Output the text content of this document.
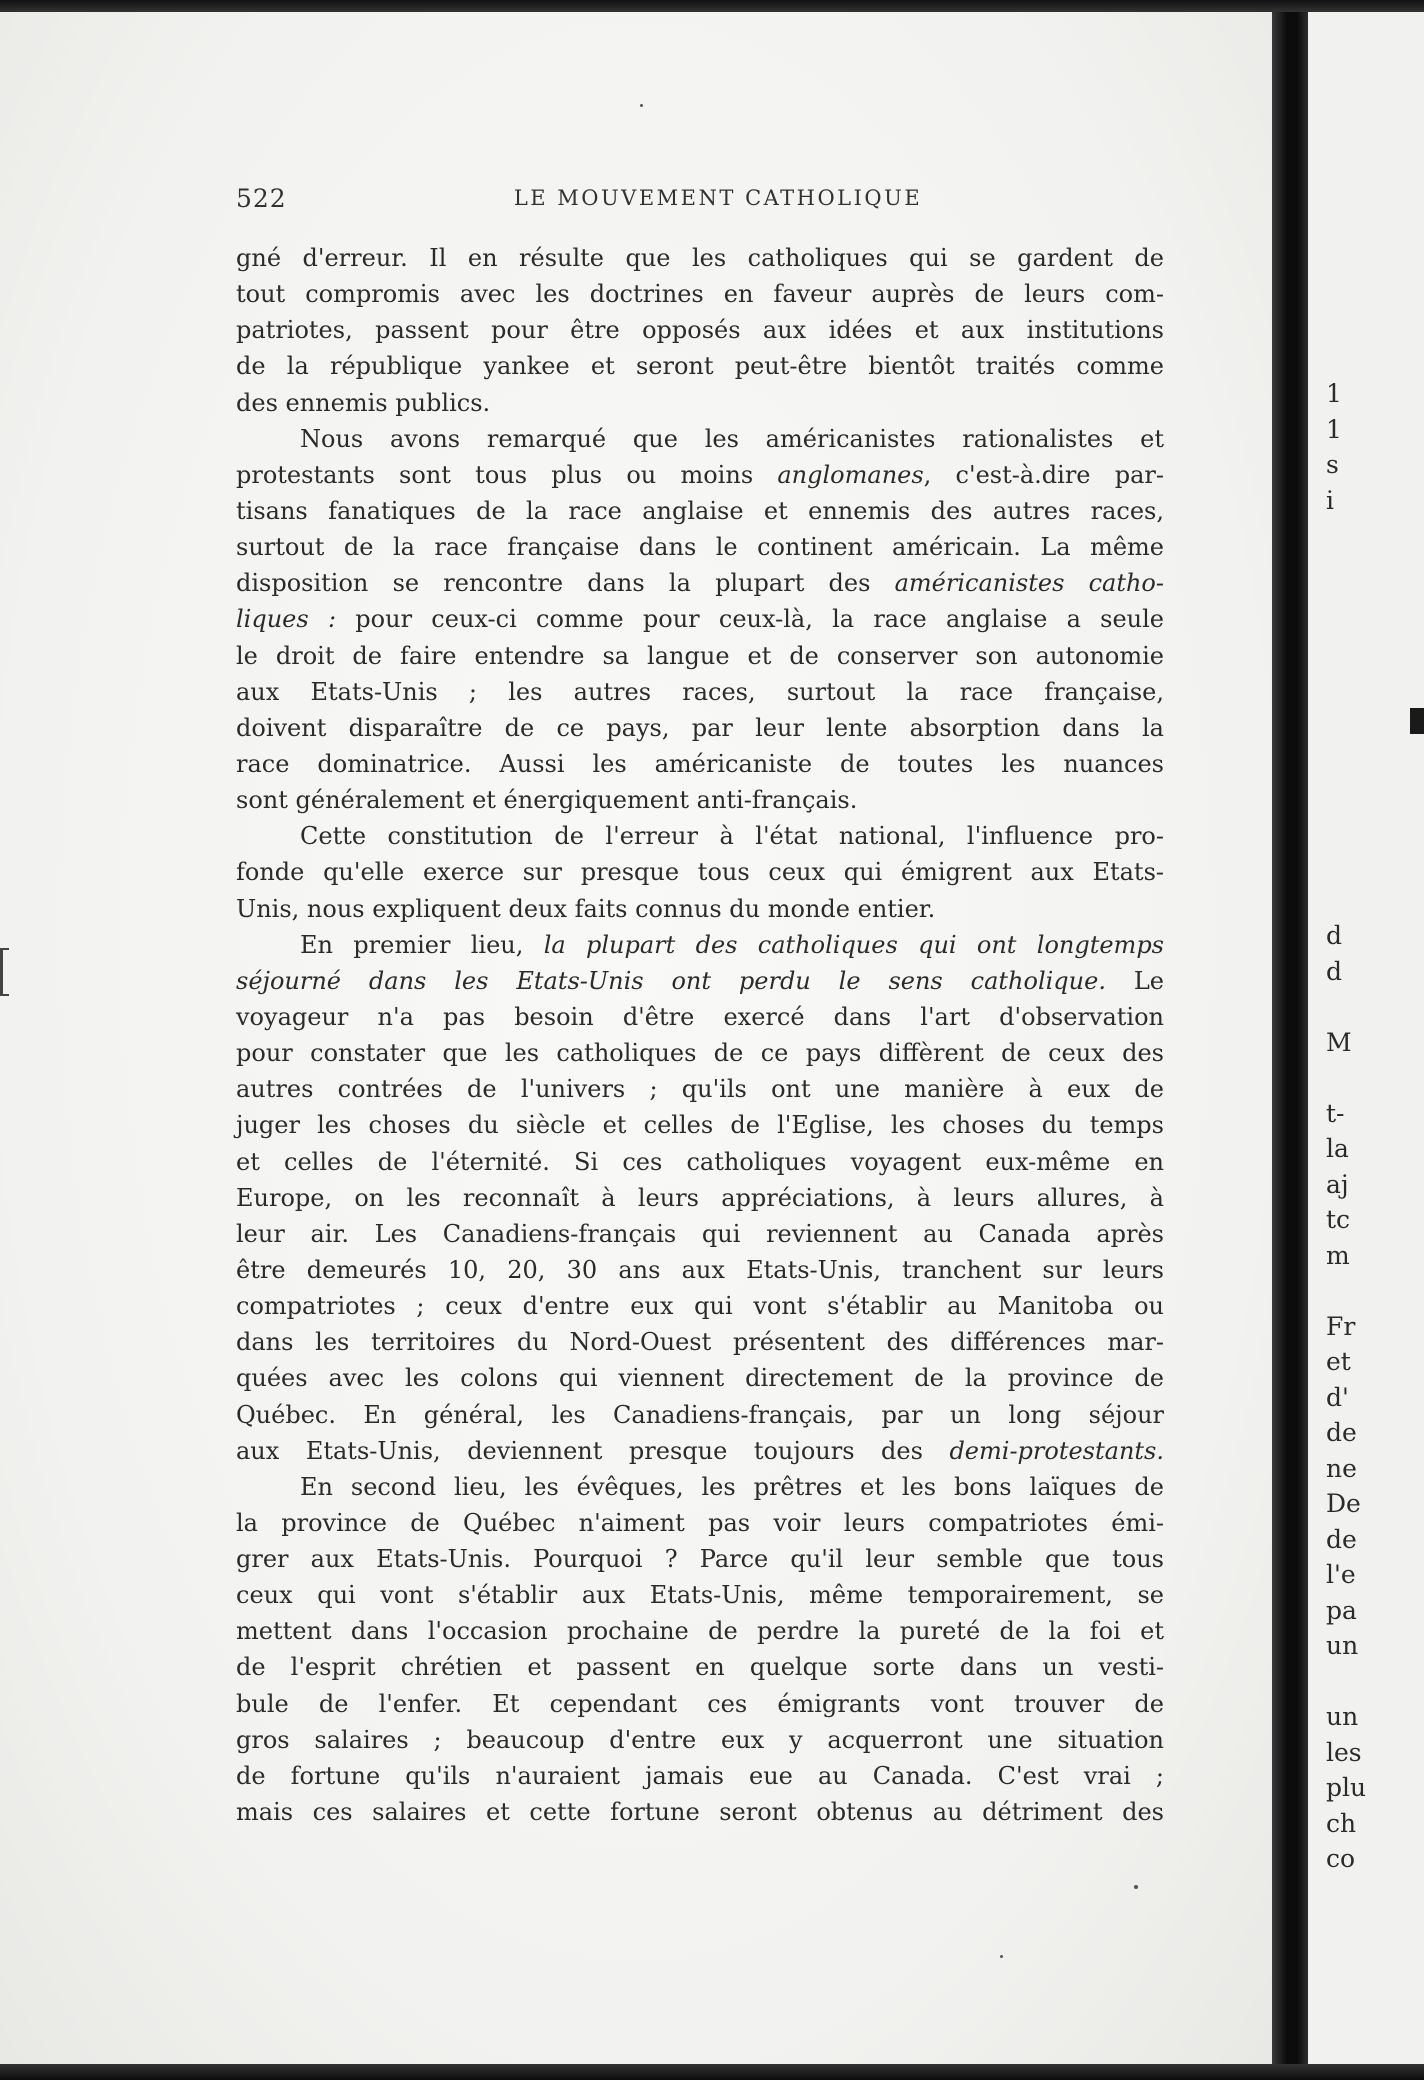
522	LE MOUVEMENT CATHOLIQUE
gné d'erreur. Il en résulte que les catholiques qui se gardent de
tout compromis avec les doctrines en faveur auprès de leurs com-
patriotes, passent pour être opposés aux idées et aux institutions
de la république yankee et seront peut-être bientôt traités comme
des ennemis publics.
Nous avons remarqué que les américanistes rationalistes et
protestants sont tous plus ou moins anglomanes, c'est-à.dire par-
tisans fanatiques de la race anglaise et ennemis des autres races,
surtout de la race française dans le continent américain. La même
disposition se rencontre dans la plupart des américanistes catho-
liques : pour ceux-ci comme pour ceux-là, la race anglaise a seule
le droit de faire entendre sa langue et de conserver son autonomie
aux Etats-Unis ; les autres races, surtout la race française,
doivent disparaître de ce pays, par leur lente absorption dans la
race dominatrice. Aussi les américaniste de toutes les nuances
sont généralement et énergiquement anti-français.
Cette constitution de l'erreur à l'état national, l'influence pro-
fonde qu'elle exerce sur presque tous ceux qui émigrent aux Etats-
Unis, nous expliquent deux faits connus du monde entier.
En premier lieu, la plupart des catholiques qui ont longtemps
séjourné dans les Etats-Unis ont perdu le sens catholique. Le
voyageur n'a pas besoin d'être exercé dans l'art d'observation
pour constater que les catholiques de ce pays diffèrent de ceux des
autres contrées de l'univers ; qu'ils ont une manière à eux de
juger les choses du siècle et celles de l'Eglise, les choses du temps
et celles de l'éternité. Si ces catholiques voyagent eux-même en
Europe, on les reconnaît à leurs appréciations, à leurs allures, à
leur air. Les Canadiens-français qui reviennent au Canada après
être demeurés 10, 20, 30 ans aux Etats-Unis, tranchent sur leurs
compatriotes ; ceux d'entre eux qui vont s'établir au Manitoba ou
dans les territoires du Nord-Ouest présentent des différences mar-
quées avec les colons qui viennent directement de la province de
Québec. En général, les Canadiens-français, par un long séjour
aux Etats-Unis, deviennent presque toujours des demi-protestants.
En second lieu, les évêques, les prêtres et les bons laïques de
la province de Québec n'aiment pas voir leurs compatriotes émi-
grer aux Etats-Unis. Pourquoi ? Parce qu'il leur semble que tous
ceux qui vont s'établir aux Etats-Unis, même temporairement, se
mettent dans l'occasion prochaine de perdre la pureté de la foi et
de l'esprit chrétien et passent en quelque sorte dans un vesti-
bule de l'enfer. Et cependant ces émigrants vont trouver de
gros salaires ; beaucoup d'entre eux y acquerront une situation
de fortune qu'ils n'auraient jamais eue au Canada. C'est vrai ;
mais ces salaires et cette fortune seront obtenus au détriment des
1
1
s
i
d
d
M
t-
la
aj
tc
m
Fr
et
d'
de
ne
De
de
l'e
pa
un
un
les
plu
ch
co
